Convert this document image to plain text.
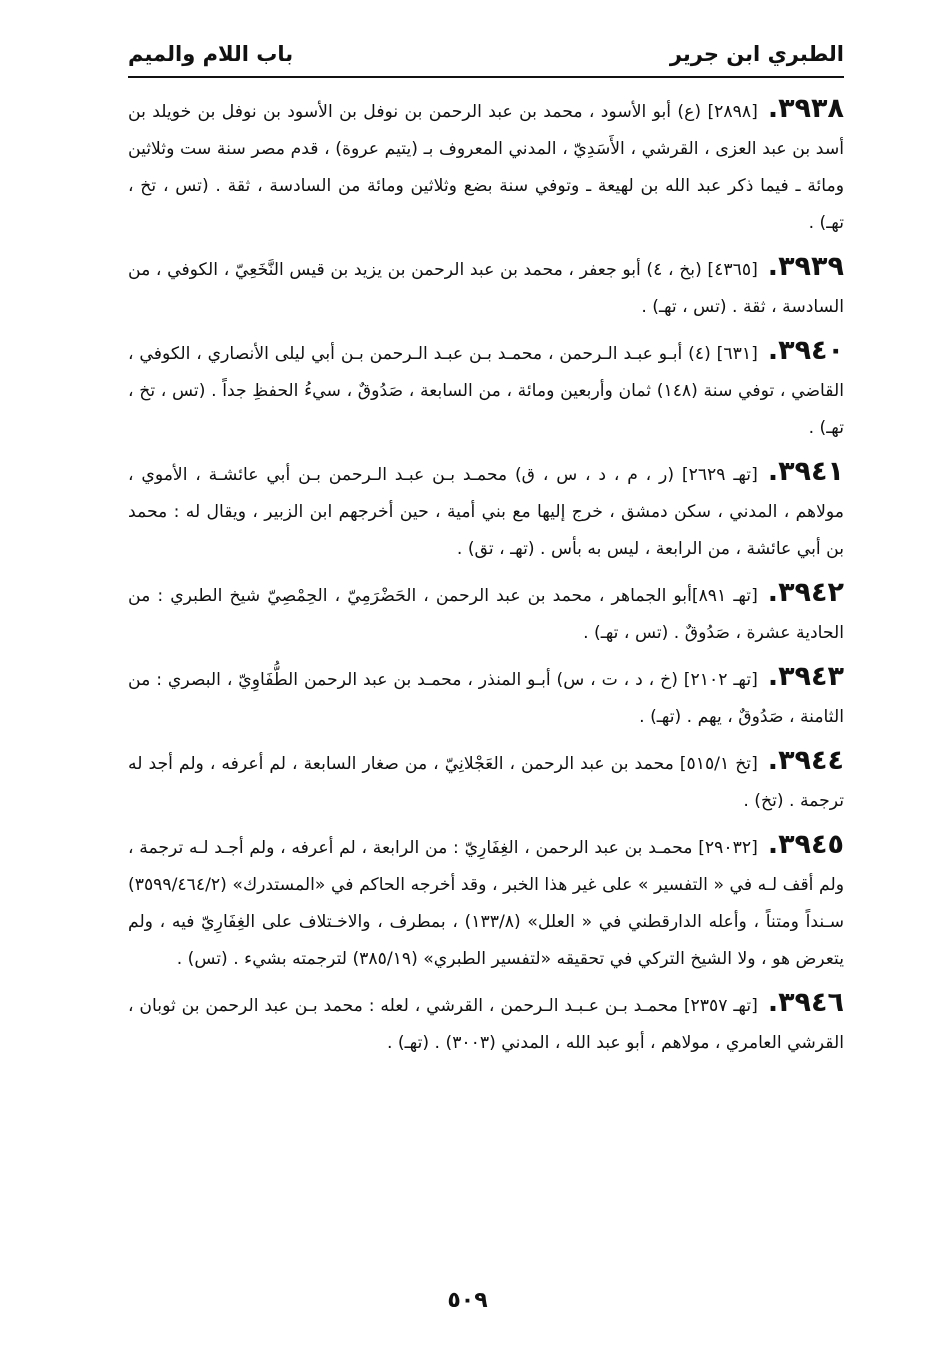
الطبري ابن جرير
باب اللام والميم

٣٩٣٨.[٢٨٩٨] (ع) أبو الأسود ، محمد بن عبد الرحمن بن نوفل بن الأسود بن نوفل بن خويلد بن أسد بن عبد العزى ، القرشي ، الأَسَدِيّ ، المدني المعروف بـ (يتيم عروة) ، قدم مصر سنة ست وثلاثين ومائة ـ فيما ذكر عبد الله بن لهيعة ـ وتوفي سنة بضع وثلاثين ومائة من السادسة ، ثقة . (تس ، تخ ، تهـ) .

٣٩٣٩.[٤٣٦٥] (بخ ، ٤) أبو جعفر ، محمد بن عبد الرحمن بن يزيد بن قيس النَّخَعِيّ ، الكوفي ، من السادسة ، ثقة . (تس ، تهـ) .

٣٩٤٠.[٦٣١] (٤) أبـو عبـد الـرحمن ، محمـد بـن عبـد الـرحمن بـن أبي ليلى الأنصاري ، الكوفي ، القاضي ، توفي سنة (١٤٨) ثمان وأربعين ومائة ، من السابعة ، صَدُوقٌ ، سيءُ الحفظِ جداً . (تس ، تخ ، تهـ) .

٣٩٤١.[تهـ ٢٦٢٩] (ر ، م ، د ، س ، ق) محمـد بـن عبـد الـرحمن بـن أبي عائشـة ، الأموي ، مولاهم ، المدني ، سكن دمشق ، خرج إليها مع بني أمية ، حين أخرجهم ابن الزبير ، ويقال له : محمد بن أبي عائشة ، من الرابعة ، ليس به بأس . (تهـ ، تق) .

٣٩٤٢.[تهـ ٨٩١]أبو الجماهر ، محمد بن عبد الرحمن ، الحَضْرَمِيّ ، الحِمْصِيّ شيخ الطبري : من الحادية عشرة ، صَدُوقٌ . (تس ، تهـ) .

٣٩٤٣.[تهـ ٢١٠٢] (خ ، د ، ت ، س) أبـو المنذر ، محمـد بن عبد الرحمن الطُّفَاوِيّ ، البصري : من الثامنة ، صَدُوقٌ ، يهم . (تهـ) .

٣٩٤٤.[تخ ٥١٥/١] محمد بن عبد الرحمن ، العَجْلانِيّ ، من صغار السابعة ، لم أعرفه ، ولم أجد له ترجمة . (تخ) .

٣٩٤٥.[٢٩٠٣٢] محمـد بن عبد الرحمن ، الغِفَارِيّ : من الرابعة ، لم أعرفه ، ولم أجـد لـه ترجمة ، ولم أقف لـه في « التفسير » على غير هذا الخبر ، وقد أخرجه الحاكم في «المستدرك» (٣٥٩٩/٤٦٤/٢) سـنداً ومتناً ، وأعله الدارقطني في « العلل» (١٣٣/٨) ، بمطرف ، والاخـتلاف على الغِفَارِيّ فيه ، ولم يتعرض هو ، ولا الشيخ التركي في تحقيقه «لتفسير الطبري» (٣٨٥/١٩) لترجمته بشيء . (تس) .

٣٩٤٦.[تهـ ٢٣٥٧] محمـد بـن عـبـد الـرحمن ، القرشي ، لعله : محمد بـن عبد الرحمن بن ثوبان ، القرشي العامري ، مولاهم ، أبو عبد الله ، المدني (٣٠٠٣) . (تهـ) .

٥٠٩
